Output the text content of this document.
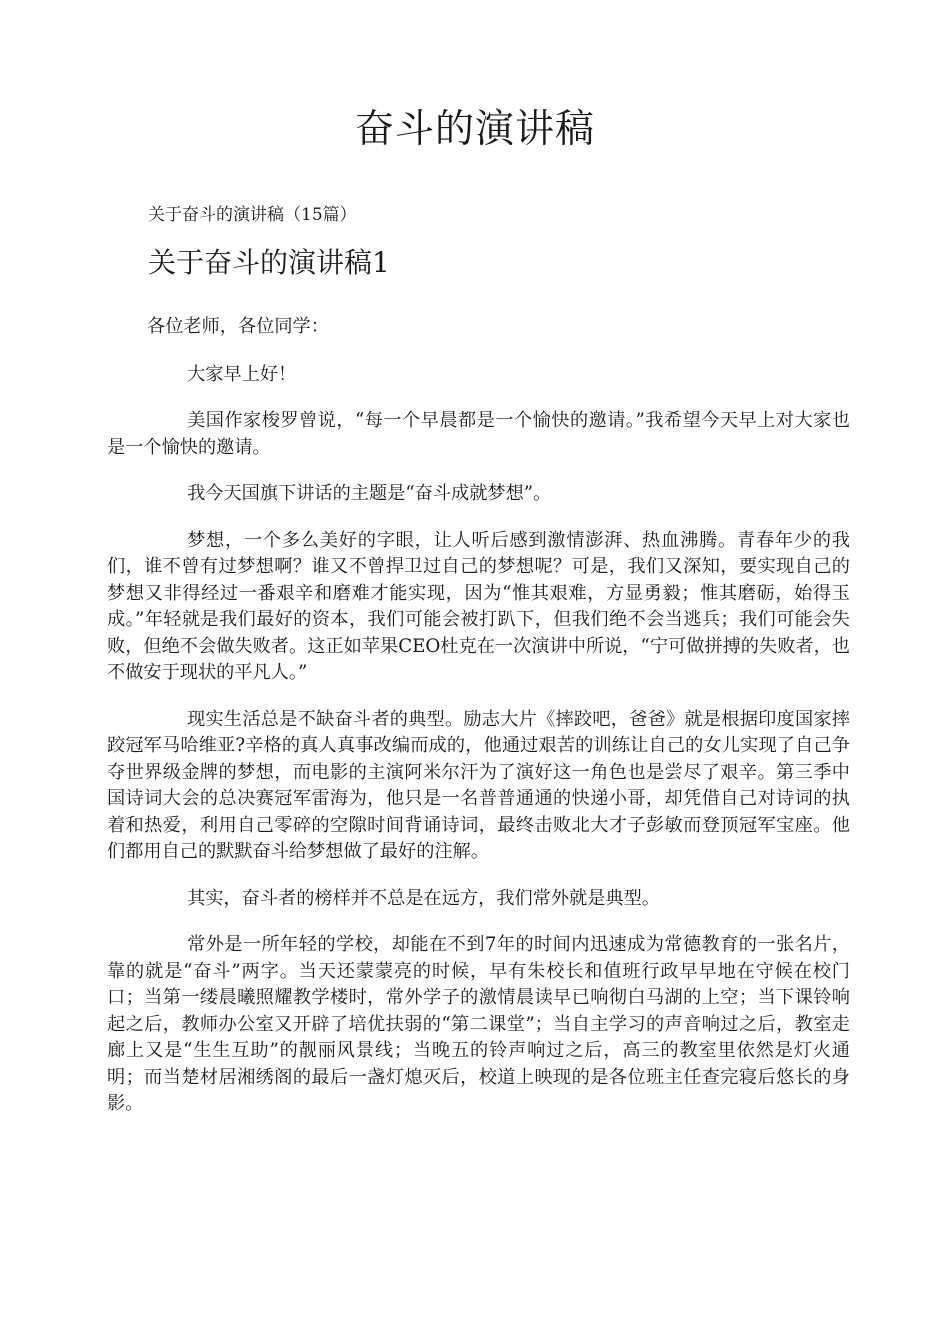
奋斗的演讲稿
关于奋斗的演讲稿（15篇）
关于奋斗的演讲稿1

各位老师，各位同学：

大家早上好！

美国作家梭罗曾说，“每一个早晨都是一个愉快的邀请。”我希望今天早上对大家也是一个愉快的邀请。

我今天国旗下讲话的主题是“奋斗成就梦想”。

梦想，一个多么美好的字眼，让人听后感到激情澎湃、热血沸腾。青春年少的我们，谁不曾有过梦想啊？谁又不曾捍卫过自己的梦想呢？可是，我们又深知，要实现自己的梦想又非得经过一番艰辛和磨难才能实现，因为“惟其艰难，方显勇毅；惟其磨砺，始得玉成。”年轻就是我们最好的资本，我们可能会被打趴下，但我们绝不会当逃兵；我们可能会失败，但绝不会做失败者。这正如苹果CEO杜克在一次演讲中所说，“宁可做拼搏的失败者，也不做安于现状的平凡人。”

现实生活总是不缺奋斗者的典型。励志大片《摔跤吧，爸爸》就是根据印度国家摔跤冠军马哈维亚?辛格的真人真事改编而成的，他通过艰苦的训练让自己的女儿实现了自己争夺世界级金牌的梦想，而电影的主演阿米尔汗为了演好这一角色也是尝尽了艰辛。第三季中国诗词大会的总决赛冠军雷海为，他只是一名普普通通的快递小哥，却凭借自己对诗词的执着和热爱，利用自己零碎的空隙时间背诵诗词，最终击败北大才子彭敏而登顶冠军宝座。他们都用自己的默默奋斗给梦想做了最好的注解。

其实，奋斗者的榜样并不总是在远方，我们常外就是典型。

常外是一所年轻的学校，却能在不到7年的时间内迅速成为常德教育的一张名片，靠的就是“奋斗”两字。当天还蒙蒙亮的时候，早有朱校长和值班行政早早地在守候在校门口；当第一缕晨曦照耀教学楼时，常外学子的激情晨读早已响彻白马湖的上空；当下课铃响起之后，教师办公室又开辟了培优扶弱的“第二课堂”；当自主学习的声音响过之后，教室走廊上又是“生生互助”的靓丽风景线；当晚五的铃声响过之后，高三的教室里依然是灯火通明；而当楚材居湘绣阁的最后一盏灯熄灭后，校道上映现的是各位班主任查完寝后悠长的身影。
